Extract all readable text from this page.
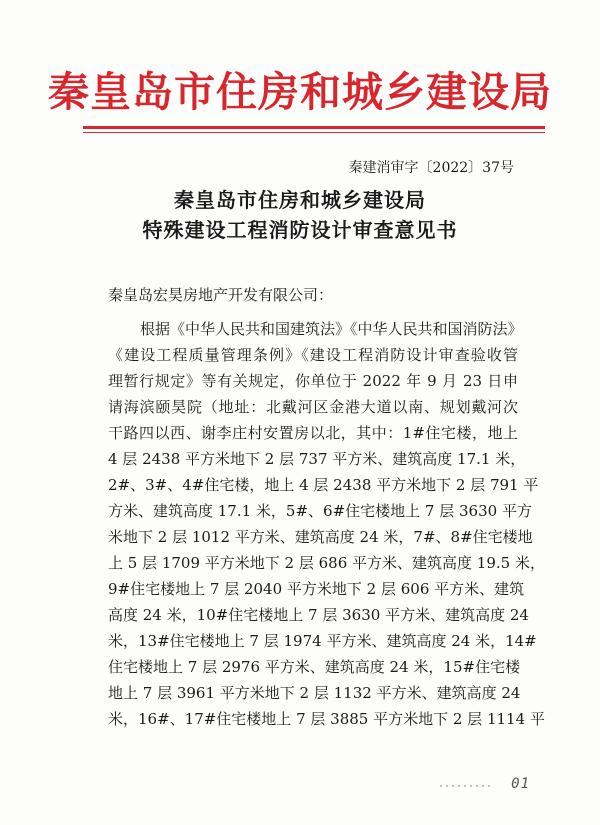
秦皇岛市住房和城乡建设局
秦建消审字〔2022〕37号
秦皇岛市住房和城乡建设局
特殊建设工程消防设计审查意见书
秦皇岛宏昊房地产开发有限公司：
根据《中华人民共和国建筑法》《中华人民共和国消防法》
《建设工程质量管理条例》《建设工程消防设计审查验收管
理暂行规定》等有关规定，你单位于 2022 年 9 月 23 日申
请海滨颐昊院（地址：北戴河区金港大道以南、规划戴河次
干路四以西、谢李庄村安置房以北，其中：1#住宅楼，地上
4 层 2438 平方米地下 2 层 737 平方米、建筑高度 17.1 米，
2#、3#、4#住宅楼，地上 4 层 2438 平方米地下 2 层 791 平
方米、建筑高度 17.1 米，5#、6#住宅楼地上 7 层 3630 平方
米地下 2 层 1012 平方米、建筑高度 24 米，7#、8#住宅楼地
上 5 层 1709 平方米地下 2 层 686 平方米、建筑高度 19.5 米，
9#住宅楼地上 7 层 2040 平方米地下 2 层 606 平方米、建筑
高度 24 米，10#住宅楼地上 7 层 3630 平方米、建筑高度 24
米，13#住宅楼地上 7 层 1974 平方米、建筑高度 24 米，14#
住宅楼地上 7 层 2976 平方米、建筑高度 24 米，15#住宅楼
地上 7 层 3961 平方米地下 2 层 1132 平方米、建筑高度 24
米，16#、17#住宅楼地上 7 层 3885 平方米地下 2 层 1114 平
01
